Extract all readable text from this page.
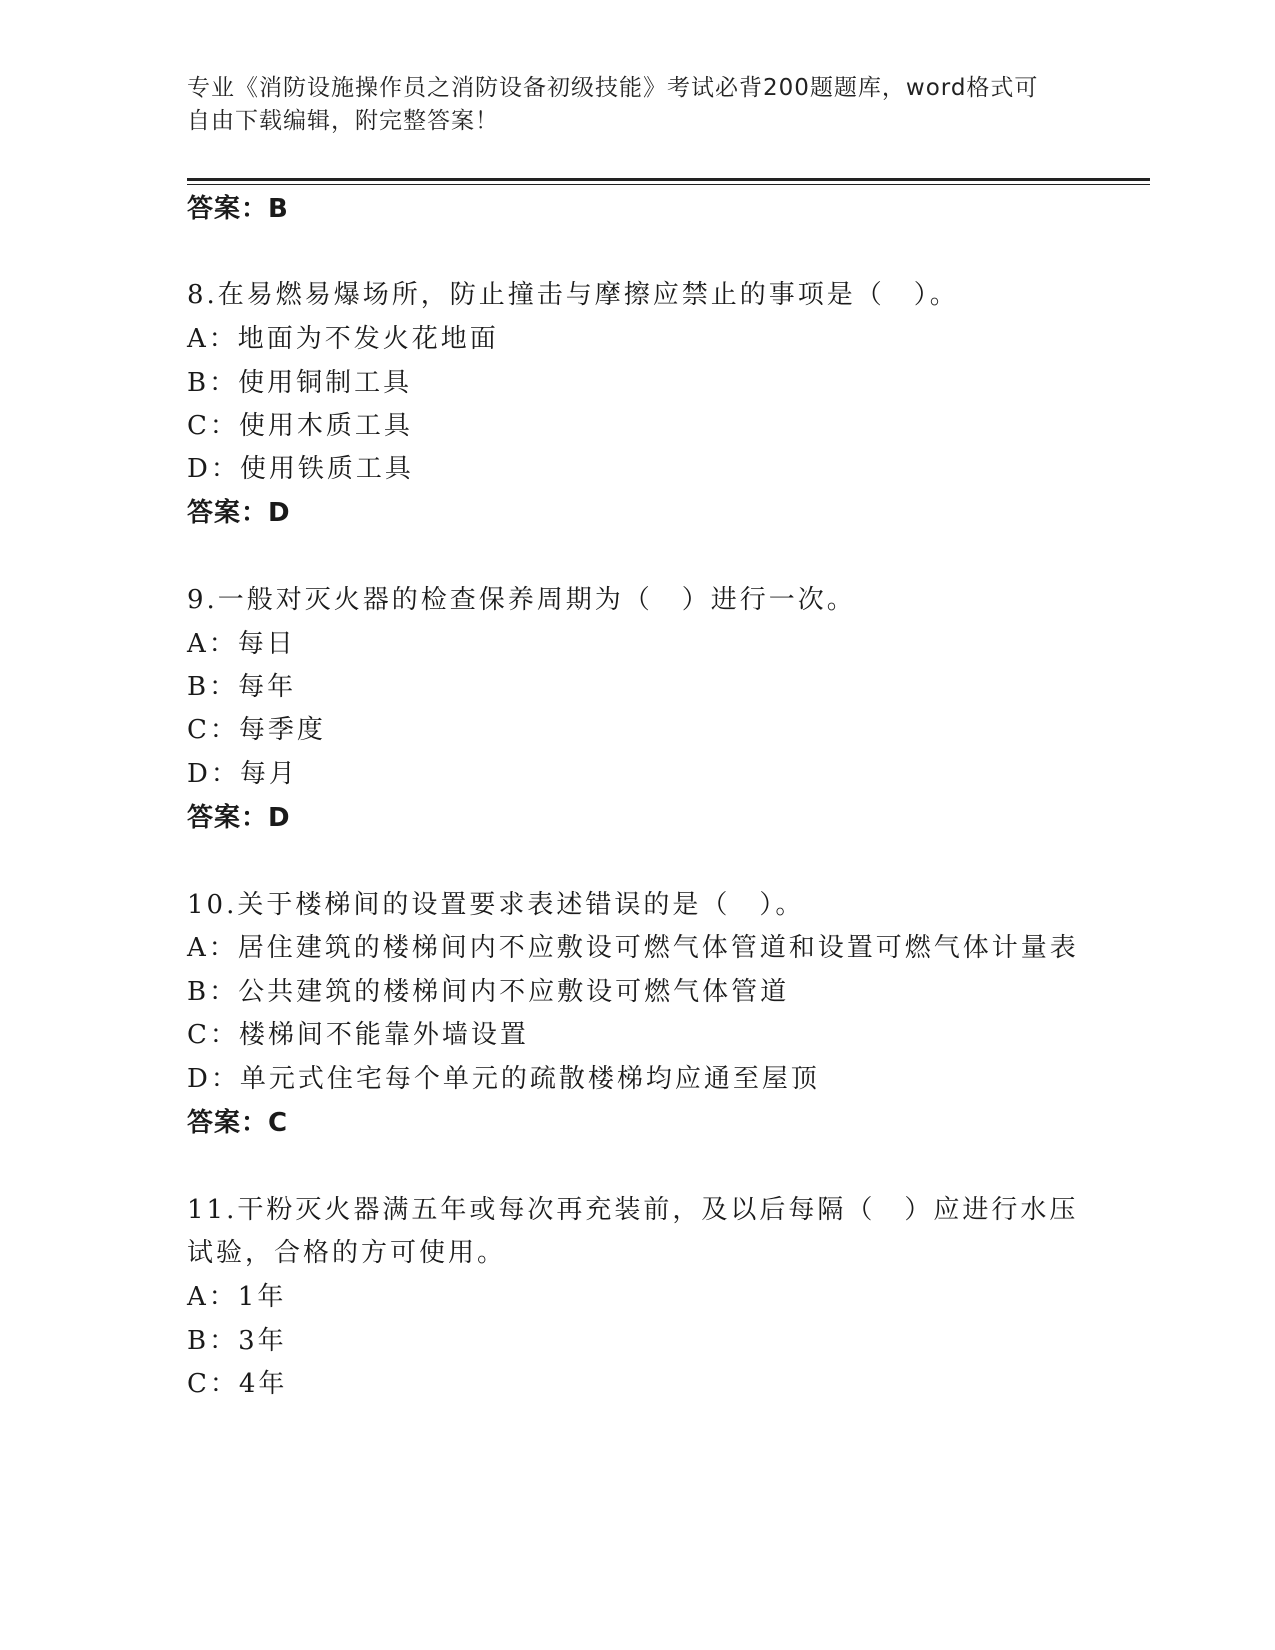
专业《消防设施操作员之消防设备初级技能》考试必背200题题库，word格式可
自由下载编辑，附完整答案！
答案：B
8.在易燃易爆场所，防止撞击与摩擦应禁止的事项是（　）。
A：地面为不发火花地面
B：使用铜制工具
C：使用木质工具
D：使用铁质工具
答案：D
9.一般对灭火器的检查保养周期为（　）进行一次。
A：每日
B：每年
C：每季度
D：每月
答案：D
10.关于楼梯间的设置要求表述错误的是（　）。
A：居住建筑的楼梯间内不应敷设可燃气体管道和设置可燃气体计量表
B：公共建筑的楼梯间内不应敷设可燃气体管道
C：楼梯间不能靠外墙设置
D：单元式住宅每个单元的疏散楼梯均应通至屋顶
答案：C
11.干粉灭火器满五年或每次再充装前，及以后每隔（　）应进行水压
试验，合格的方可使用。
A：1年
B：3年
C：4年
